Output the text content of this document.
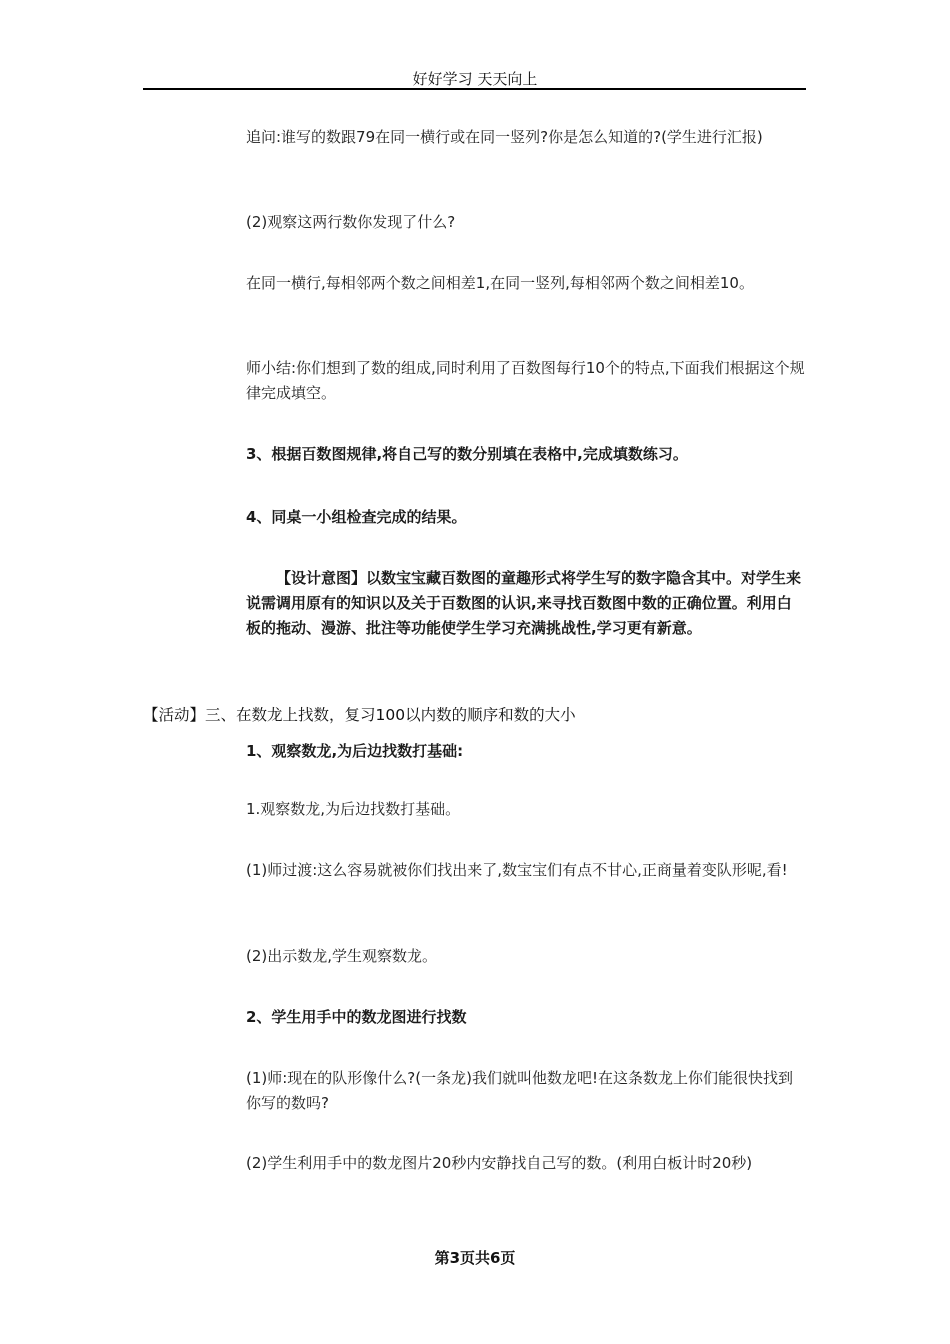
好好学习 天天向上

追问:谁写的数跟79在同一横行或在同一竖列?你是怎么知道的?(学生进行汇报)

(2)观察这两行数你发现了什么?

在同一横行,每相邻两个数之间相差1,在同一竖列,每相邻两个数之间相差10。

师小结:你们想到了数的组成,同时利用了百数图每行10个的特点,下面我们根据这个规律完成填空。

3、根据百数图规律,将自己写的数分别填在表格中,完成填数练习。

4、同桌一小组检查完成的结果。

【设计意图】以数宝宝藏百数图的童趣形式将学生写的数字隐含其中。对学生来说需调用原有的知识以及关于百数图的认识,来寻找百数图中数的正确位置。利用白板的拖动、漫游、批注等功能使学生学习充满挑战性,学习更有新意。

【活动】三、在数龙上找数，复习100以内数的顺序和数的大小

1、观察数龙,为后边找数打基础:

1.观察数龙,为后边找数打基础。

(1)师过渡:这么容易就被你们找出来了,数宝宝们有点不甘心,正商量着变队形呢,看!

(2)出示数龙,学生观察数龙。

2、学生用手中的数龙图进行找数

(1)师:现在的队形像什么?(一条龙)我们就叫他数龙吧!在这条数龙上你们能很快找到你写的数吗?

(2)学生利用手中的数龙图片20秒内安静找自己写的数。(利用白板计时20秒)

第3页共6页
